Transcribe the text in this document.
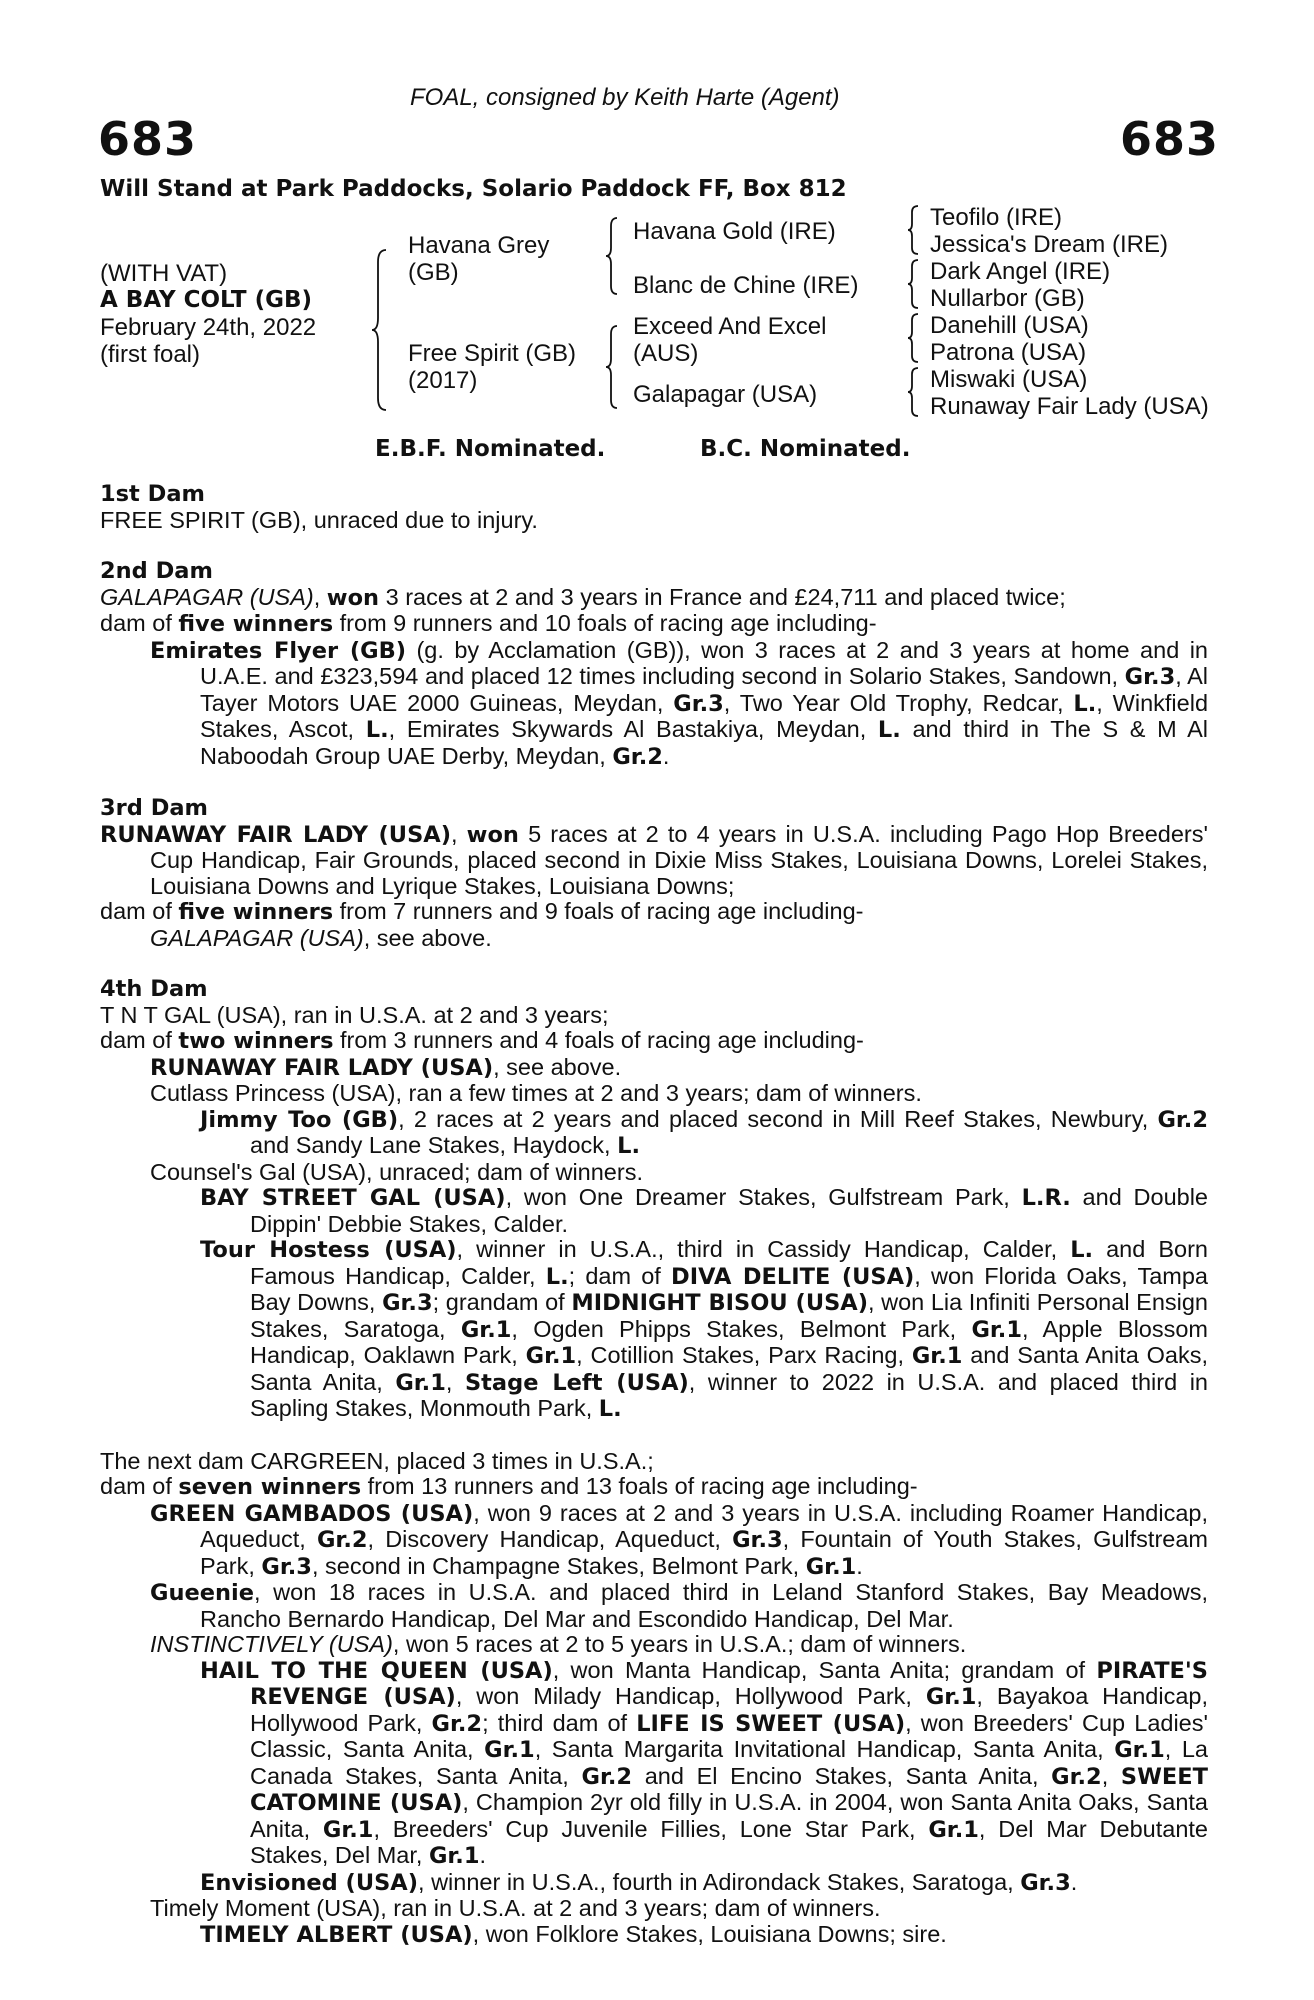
FOAL, consigned by Keith Harte (Agent)
683	683
Will Stand at Park Paddocks, Solario Paddock FF, Box 812
(WITH VAT)
A BAY COLT (GB)
February 24th, 2022
(first foal)
Havana Grey
(GB)
Free Spirit (GB)
(2017)
Havana Gold (IRE)
Blanc de Chine (IRE)
Exceed And Excel
(AUS)
Galapagar (USA)
Teofilo (IRE)
Jessica's Dream (IRE)
Dark Angel (IRE)
Nullarbor (GB)
Danehill (USA)
Patrona (USA)
Miswaki (USA)
Runaway Fair Lady (USA)
E.B.F. Nominated.	B.C. Nominated.
1st Dam
FREE SPIRIT (GB), unraced due to injury.
2nd Dam
GALAPAGAR (USA), won 3 races at 2 and 3 years in France and £24,711 and placed twice;
dam of five winners from 9 runners and 10 foals of racing age including-
Emirates Flyer (GB) (g. by Acclamation (GB)), won 3 races at 2 and 3 years at home and in U.A.E. and £323,594 and placed 12 times including second in Solario Stakes, Sandown, Gr.3, Al Tayer Motors UAE 2000 Guineas, Meydan, Gr.3, Two Year Old Trophy, Redcar, L., Winkfield Stakes, Ascot, L., Emirates Skywards Al Bastakiya, Meydan, L. and third in The S & M Al Naboodah Group UAE Derby, Meydan, Gr.2.
3rd Dam
RUNAWAY FAIR LADY (USA), won 5 races at 2 to 4 years in U.S.A. including Pago Hop Breeders' Cup Handicap, Fair Grounds, placed second in Dixie Miss Stakes, Louisiana Downs, Lorelei Stakes, Louisiana Downs and Lyrique Stakes, Louisiana Downs;
dam of five winners from 7 runners and 9 foals of racing age including-
GALAPAGAR (USA), see above.
4th Dam
T N T GAL (USA), ran in U.S.A. at 2 and 3 years;
dam of two winners from 3 runners and 4 foals of racing age including-
RUNAWAY FAIR LADY (USA), see above.
Cutlass Princess (USA), ran a few times at 2 and 3 years; dam of winners.
Jimmy Too (GB), 2 races at 2 years and placed second in Mill Reef Stakes, Newbury, Gr.2 and Sandy Lane Stakes, Haydock, L.
Counsel's Gal (USA), unraced; dam of winners.
BAY STREET GAL (USA), won One Dreamer Stakes, Gulfstream Park, L.R. and Double Dippin' Debbie Stakes, Calder.
Tour Hostess (USA), winner in U.S.A., third in Cassidy Handicap, Calder, L. and Born Famous Handicap, Calder, L.; dam of DIVA DELITE (USA), won Florida Oaks, Tampa Bay Downs, Gr.3; grandam of MIDNIGHT BISOU (USA), won Lia Infiniti Personal Ensign Stakes, Saratoga, Gr.1, Ogden Phipps Stakes, Belmont Park, Gr.1, Apple Blossom Handicap, Oaklawn Park, Gr.1, Cotillion Stakes, Parx Racing, Gr.1 and Santa Anita Oaks, Santa Anita, Gr.1, Stage Left (USA), winner to 2022 in U.S.A. and placed third in Sapling Stakes, Monmouth Park, L.
The next dam CARGREEN, placed 3 times in U.S.A.;
dam of seven winners from 13 runners and 13 foals of racing age including-
GREEN GAMBADOS (USA), won 9 races at 2 and 3 years in U.S.A. including Roamer Handicap, Aqueduct, Gr.2, Discovery Handicap, Aqueduct, Gr.3, Fountain of Youth Stakes, Gulfstream Park, Gr.3, second in Champagne Stakes, Belmont Park, Gr.1.
Gueenie, won 18 races in U.S.A. and placed third in Leland Stanford Stakes, Bay Meadows, Rancho Bernardo Handicap, Del Mar and Escondido Handicap, Del Mar.
INSTINCTIVELY (USA), won 5 races at 2 to 5 years in U.S.A.; dam of winners.
HAIL TO THE QUEEN (USA), won Manta Handicap, Santa Anita; grandam of PIRATE'S REVENGE (USA), won Milady Handicap, Hollywood Park, Gr.1, Bayakoa Handicap, Hollywood Park, Gr.2; third dam of LIFE IS SWEET (USA), won Breeders' Cup Ladies' Classic, Santa Anita, Gr.1, Santa Margarita Invitational Handicap, Santa Anita, Gr.1, La Canada Stakes, Santa Anita, Gr.2 and El Encino Stakes, Santa Anita, Gr.2, SWEET CATOMINE (USA), Champion 2yr old filly in U.S.A. in 2004, won Santa Anita Oaks, Santa Anita, Gr.1, Breeders' Cup Juvenile Fillies, Lone Star Park, Gr.1, Del Mar Debutante Stakes, Del Mar, Gr.1.
Envisioned (USA), winner in U.S.A., fourth in Adirondack Stakes, Saratoga, Gr.3.
Timely Moment (USA), ran in U.S.A. at 2 and 3 years; dam of winners.
TIMELY ALBERT (USA), won Folklore Stakes, Louisiana Downs; sire.
